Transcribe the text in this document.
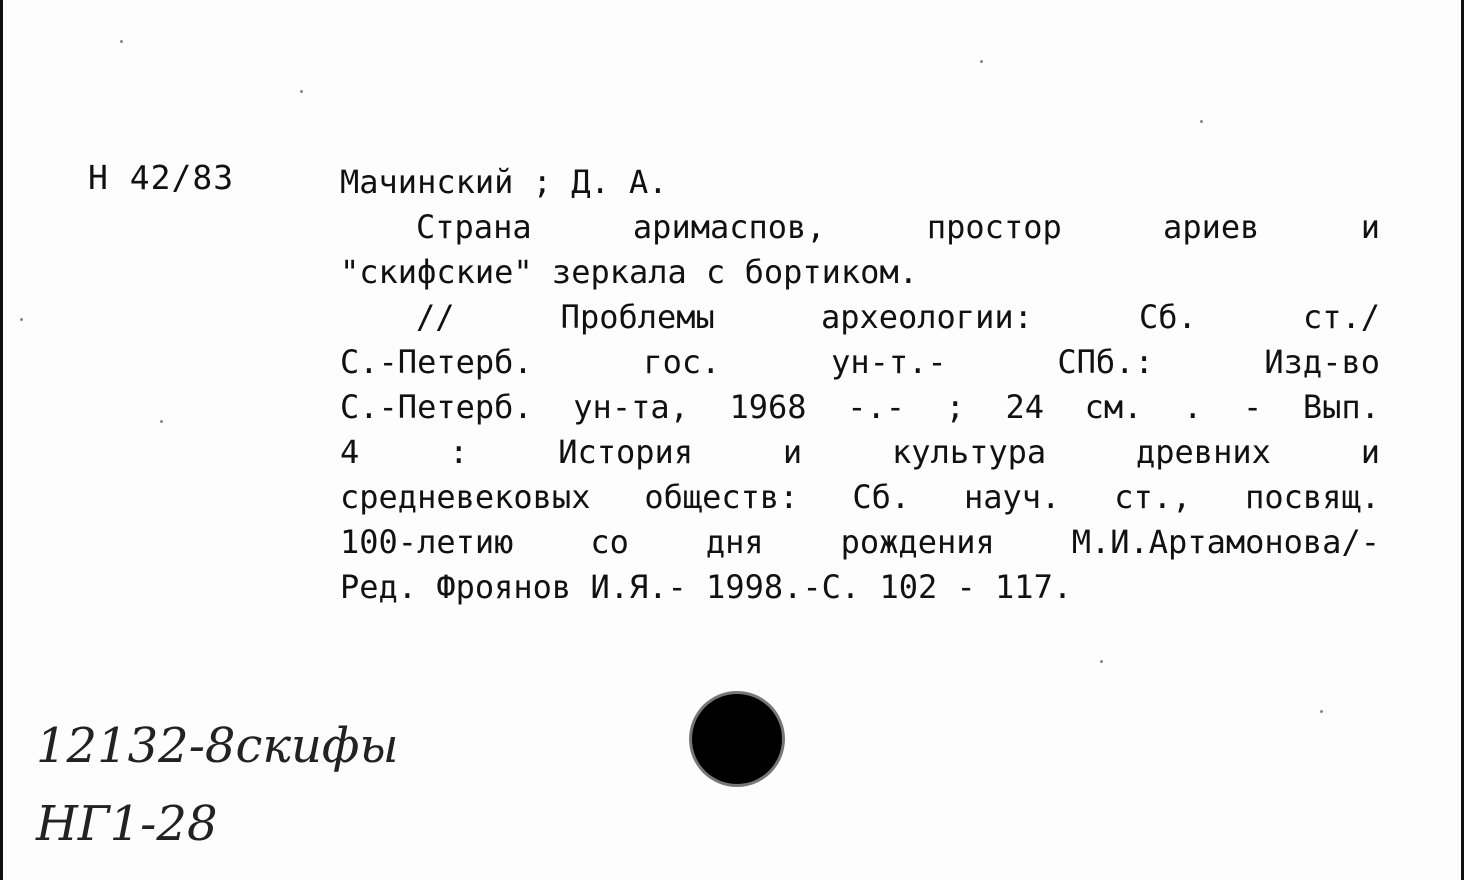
Н 42/83	Мачинский ; Д. А.
Страна	аримаспов,	простор	ариев	и
"скифские" зеркала с бортиком.
//	Проблемы	археологии:	Сб.	ст./
С.-Петерб.	гос.	ун-т.-	СПб.:	Изд-во
С.-Петерб. ун-та, 1968 -.- ; 24 см. . - Вып.
4	:	История	и	культура	древних	и
средневековых обществ: Сб. науч. ст., посвящ.
100-летию со дня рождения М.И.Артамонова/-
Ред. Фроянов И.Я.- 1998.-С. 102 - 117.
12132-8скифы
НГ1-28
